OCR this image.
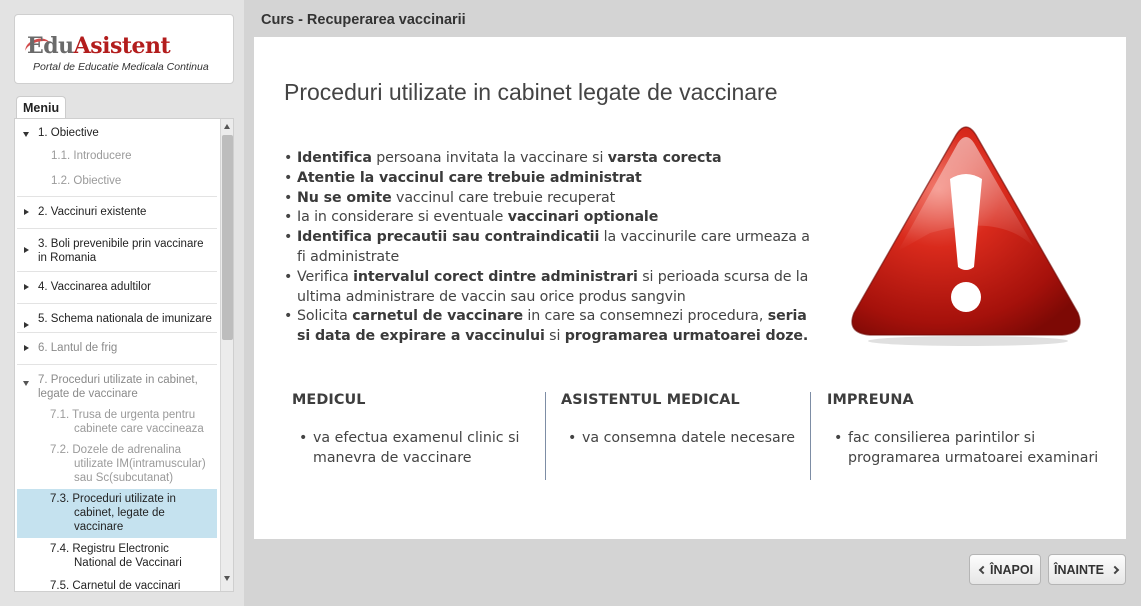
EduAsistent
Portal de Educatie Medicala Continua
Meniu
1. Obiective
1.1. Introducere
1.2. Obiective
2. Vaccinuri existente
3. Boli prevenibile prin vaccinare in Romania
4. Vaccinarea adultilor
5. Schema nationala de imunizare
6. Lantul de frig
7. Proceduri utilizate in cabinet, legate de vaccinare
7.1. Trusa de urgenta pentru cabinete care vaccineaza
7.2. Dozele de adrenalina utilizate IM(intramuscular) sau Sc(subcutanat)
7.3. Proceduri utilizate in cabinet, legate de vaccinare
7.4. Registru Electronic National de Vaccinari
7.5. Carnetul de vaccinari
Curs - Recuperarea vaccinarii
Proceduri utilizate in cabinet legate de vaccinare
• Identifica persoana invitata la vaccinare si varsta corecta
• Atentie la vaccinul care trebuie administrat
• Nu se omite vaccinul care trebuie recuperat
• Ia in considerare si eventuale vaccinari optionale
• Identifica precautii sau contraindicatii la vaccinurile care urmeaza a fi administrate
• Verifica intervalul corect dintre administrari si perioada scursa de la ultima administrare de vaccin sau orice produs sangvin
• Solicita carnetul de vaccinare in care sa consemnezi procedura, seria si data de expirare a vaccinului si programarea urmatoarei doze.
MEDICUL
• va efectua examenul clinic si manevra de vaccinare
ASISTENTUL MEDICAL
• va consemna datele necesare
IMPREUNA
• fac consilierea parintilor si programarea urmatoarei examinari
ÎNAPOI ÎNAINTE
